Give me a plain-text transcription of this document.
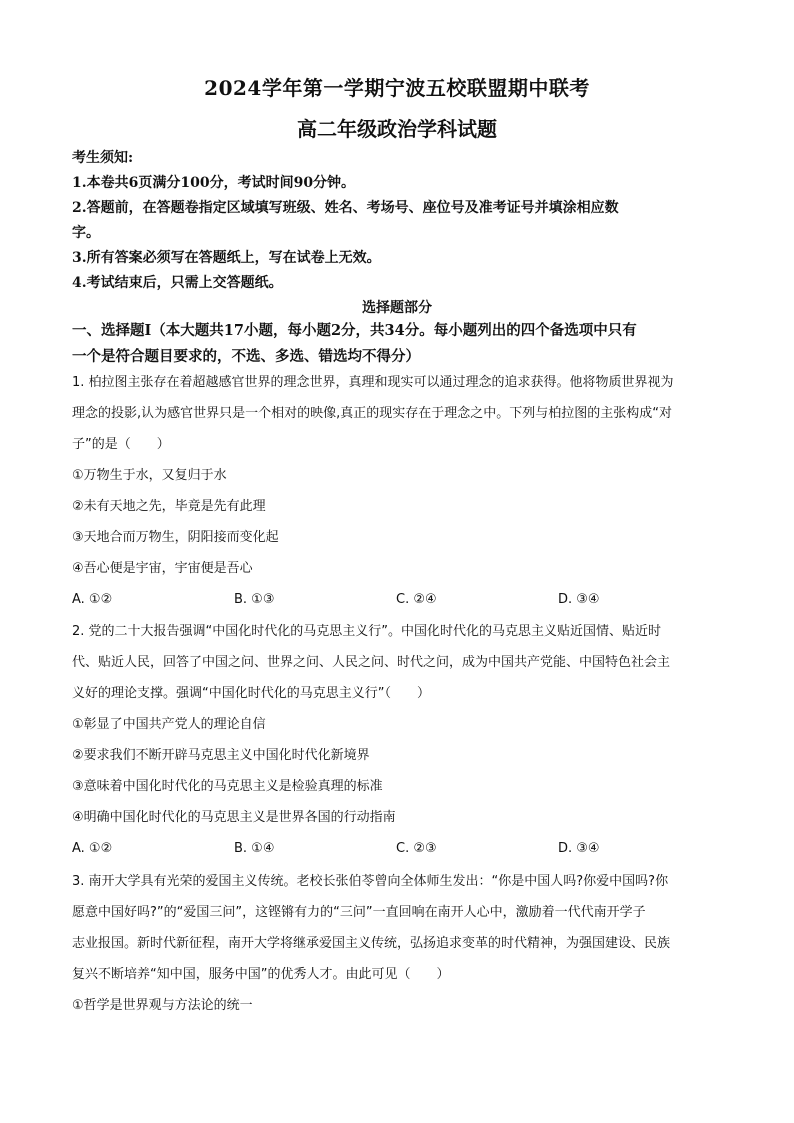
2024学年第一学期宁波五校联盟期中联考
高二年级政治学科试题
考生须知:
1.本卷共6页满分100分，考试时间90分钟。
2.答题前，在答题卷指定区域填写班级、姓名、考场号、座位号及准考证号并填涂相应数
字。
3.所有答案必须写在答题纸上，写在试卷上无效。
4.考试结束后，只需上交答题纸。
选择题部分
一、选择题Ⅰ（本大题共17小题，每小题2分，共34分。每小题列出的四个备选项中只有
一个是符合题目要求的，不选、多选、错选均不得分）
1. 柏拉图主张存在着超越感官世界的理念世界，真理和现实可以通过理念的追求获得。他将物质世界视为
理念的投影,认为感官世界只是一个相对的映像,真正的现实存在于理念之中。下列与柏拉图的主张构成“对
子”的是（　　）
①万物生于水，又复归于水
②未有天地之先，毕竟是先有此理
③天地合而万物生，阴阳接而变化起
④吾心便是宇宙，宇宙便是吾心
A. ①②	B. ①③	C. ②④	D. ③④
2. 党的二十大报告强调“中国化时代化的马克思主义行”。中国化时代化的马克思主义贴近国情、贴近时
代、贴近人民，回答了中国之问、世界之问、人民之问、时代之问，成为中国共产党能、中国特色社会主
义好的理论支撑。强调“中国化时代化的马克思主义行”（　　）
①彰显了中国共产党人的理论自信
②要求我们不断开辟马克思主义中国化时代化新境界
③意味着中国化时代化的马克思主义是检验真理的标准
④明确中国化时代化的马克思主义是世界各国的行动指南
A. ①②	B. ①④	C. ②③	D. ③④
3. 南开大学具有光荣的爱国主义传统。老校长张伯苓曾向全体师生发出：“你是中国人吗?你爱中国吗?你
愿意中国好吗?”的“爱国三问”，这铿锵有力的“三问”一直回响在南开人心中，激励着一代代南开学子
志业报国。新时代新征程，南开大学将继承爱国主义传统，弘扬追求变革的时代精神，为强国建设、民族
复兴不断培养“知中国，服务中国”的优秀人才。由此可见（　　）
①哲学是世界观与方法论的统一
